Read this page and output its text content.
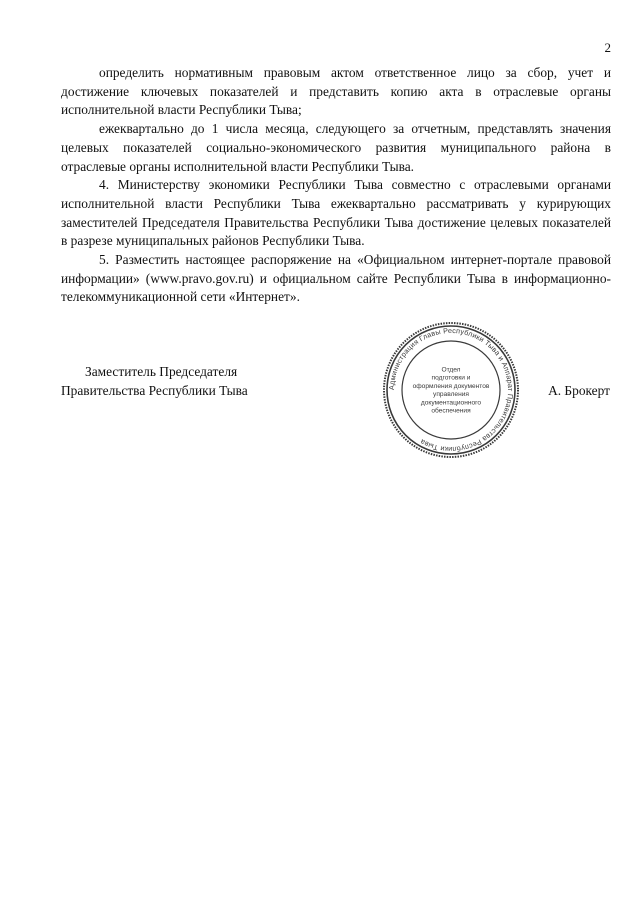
2

определить нормативным правовым актом ответственное лицо за сбор, учет и достижение ключевых показателей и представить копию акта в отраслевые органы исполнительной власти Республики Тыва;

ежеквартально до 1 числа месяца, следующего за отчетным, представлять значения целевых показателей социально-экономического развития муниципального района в отраслевые органы исполнительной власти Республики Тыва.

4. Министерству экономики Республики Тыва совместно с отраслевыми органами исполнительной власти Республики Тыва ежеквартально рассматривать у курирующих заместителей Председателя Правительства Республики Тыва достижение целевых показателей в разрезе муниципальных районов Республики Тыва.

5. Разместить настоящее распоряжение на «Официальном интернет-портале правовой информации» (www.pravo.gov.ru) и официальном сайте Республики Тыва в информационно-телекоммуникационной сети «Интернет».

Заместитель Председателя
Правительства Республики Тыва	Администрация Главы Республики Тыва и Аппарат Правительства Республики Тыва
Отдел
подготовки и
оформления документов
управления
документационного
обеспечения
А. Брокерт
